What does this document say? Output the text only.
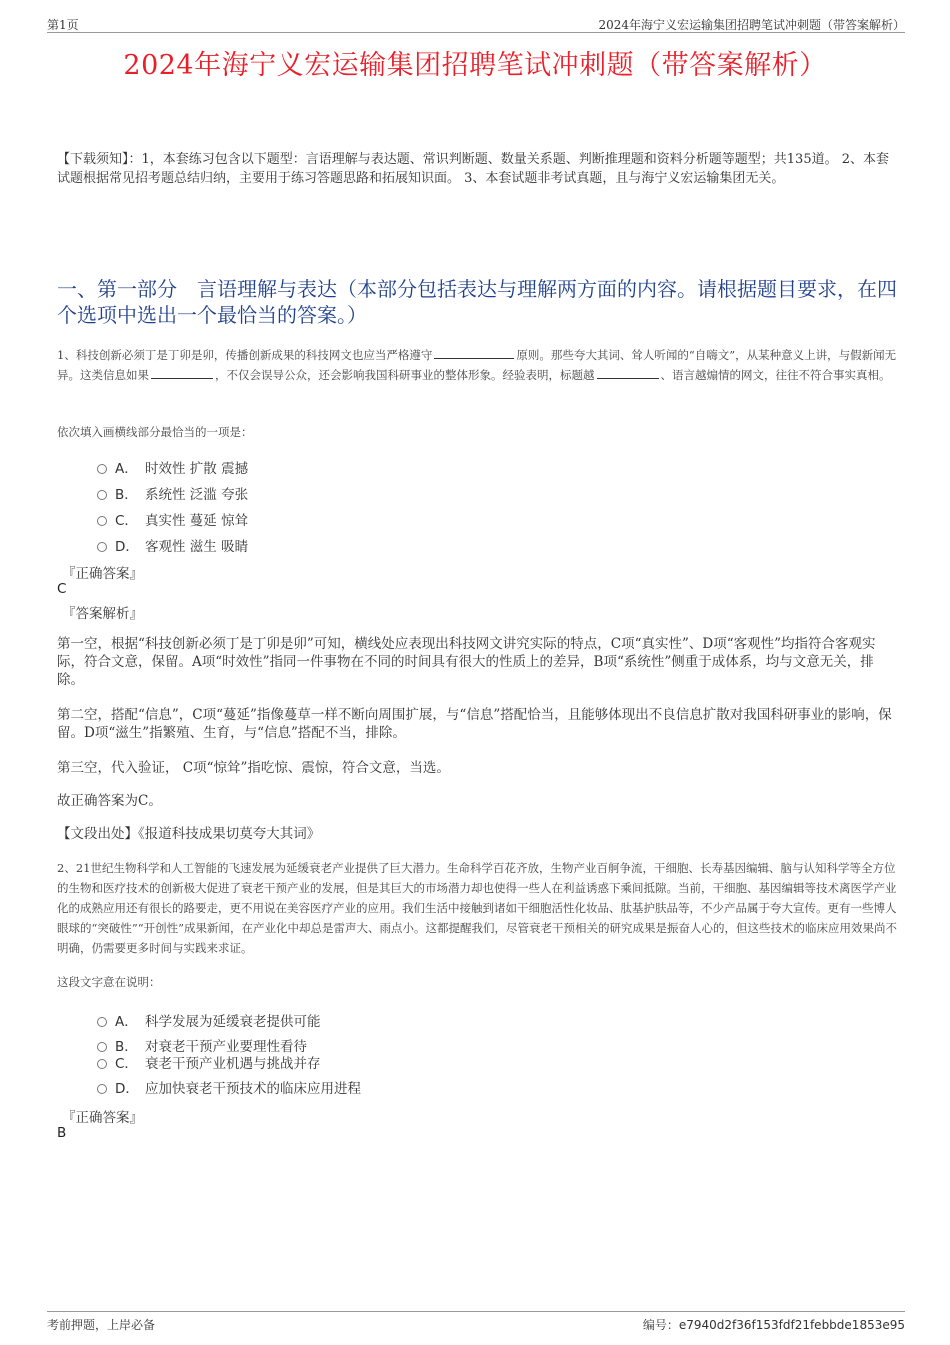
第1页	2024年海宁义宏运输集团招聘笔试冲刺题（带答案解析）
2024年海宁义宏运输集团招聘笔试冲刺题（带答案解析）
【下载须知】：1，本套练习包含以下题型：言语理解与表达题、常识判断题、数量关系题、判断推理题和资料分析题等题型；共135道。 2、本套试题根据常见招考题总结归纳，主要用于练习答题思路和拓展知识面。 3、本套试题非考试真题，且与海宁义宏运输集团无关。
一、第一部分　言语理解与表达（本部分包括表达与理解两方面的内容。请根据题目要求，在四个选项中选出一个最恰当的答案。）
1、科技创新必须丁是丁卯是卯，传播创新成果的科技网文也应当严格遵守	原则。那些夸大其词、耸人听闻的“自嗨文”，从某种意义上讲，与假新闻无异。这类信息如果	，不仅会误导公众，还会影响我国科研事业的整体形象。经验表明，标题越	、语言越煽情的网文，往往不符合事实真相。
依次填入画横线部分最恰当的一项是：
A． 时效性 扩散 震撼
B． 系统性 泛滥 夸张
C． 真实性 蔓延 惊耸
D． 客观性 滋生 吸睛
『正确答案』
C
『答案解析』
第一空，根据“科技创新必须丁是丁卯是卯”可知，横线处应表现出科技网文讲究实际的特点，C项“真实性”、D项“客观性”均指符合客观实际，符合文意，保留。A项“时效性”指同一件事物在不同的时间具有很大的性质上的差异，B项“系统性”侧重于成体系，均与文意无关，排除。
第二空，搭配“信息”，C项“蔓延”指像蔓草一样不断向周围扩展，与“信息”搭配恰当，且能够体现出不良信息扩散对我国科研事业的影响，保留。D项“滋生”指繁殖、生育，与“信息”搭配不当，排除。
第三空，代入验证， C项“惊耸”指吃惊、震惊，符合文意，当选。
故正确答案为C。
【文段出处】《报道科技成果切莫夸大其词》
2、21世纪生物科学和人工智能的飞速发展为延缓衰老产业提供了巨大潜力。生命科学百花齐放，生物产业百舸争流，干细胞、长寿基因编辑、脑与认知科学等全方位的生物和医疗技术的创新极大促进了衰老干预产业的发展，但是其巨大的市场潜力却也使得一些人在利益诱惑下乘间抵隙。当前，干细胞、基因编辑等技术离医学产业化的成熟应用还有很长的路要走，更不用说在美容医疗产业的应用。我们生活中接触到诸如干细胞活性化妆品、肽基护肤品等，不少产品属于夸大宣传。更有一些博人眼球的“突破性”“开创性”成果新闻，在产业化中却总是雷声大、雨点小。这都提醒我们，尽管衰老干预相关的研究成果是振奋人心的，但这些技术的临床应用效果尚不明确，仍需要更多时间与实践来求证。
这段文字意在说明：
A． 科学发展为延缓衰老提供可能
B． 对衰老干预产业要理性看待
C． 衰老干预产业机遇与挑战并存
D． 应加快衰老干预技术的临床应用进程
『正确答案』
B
考前押题，上岸必备	编号：e7940d2f36f153fdf21febbde1853e95
